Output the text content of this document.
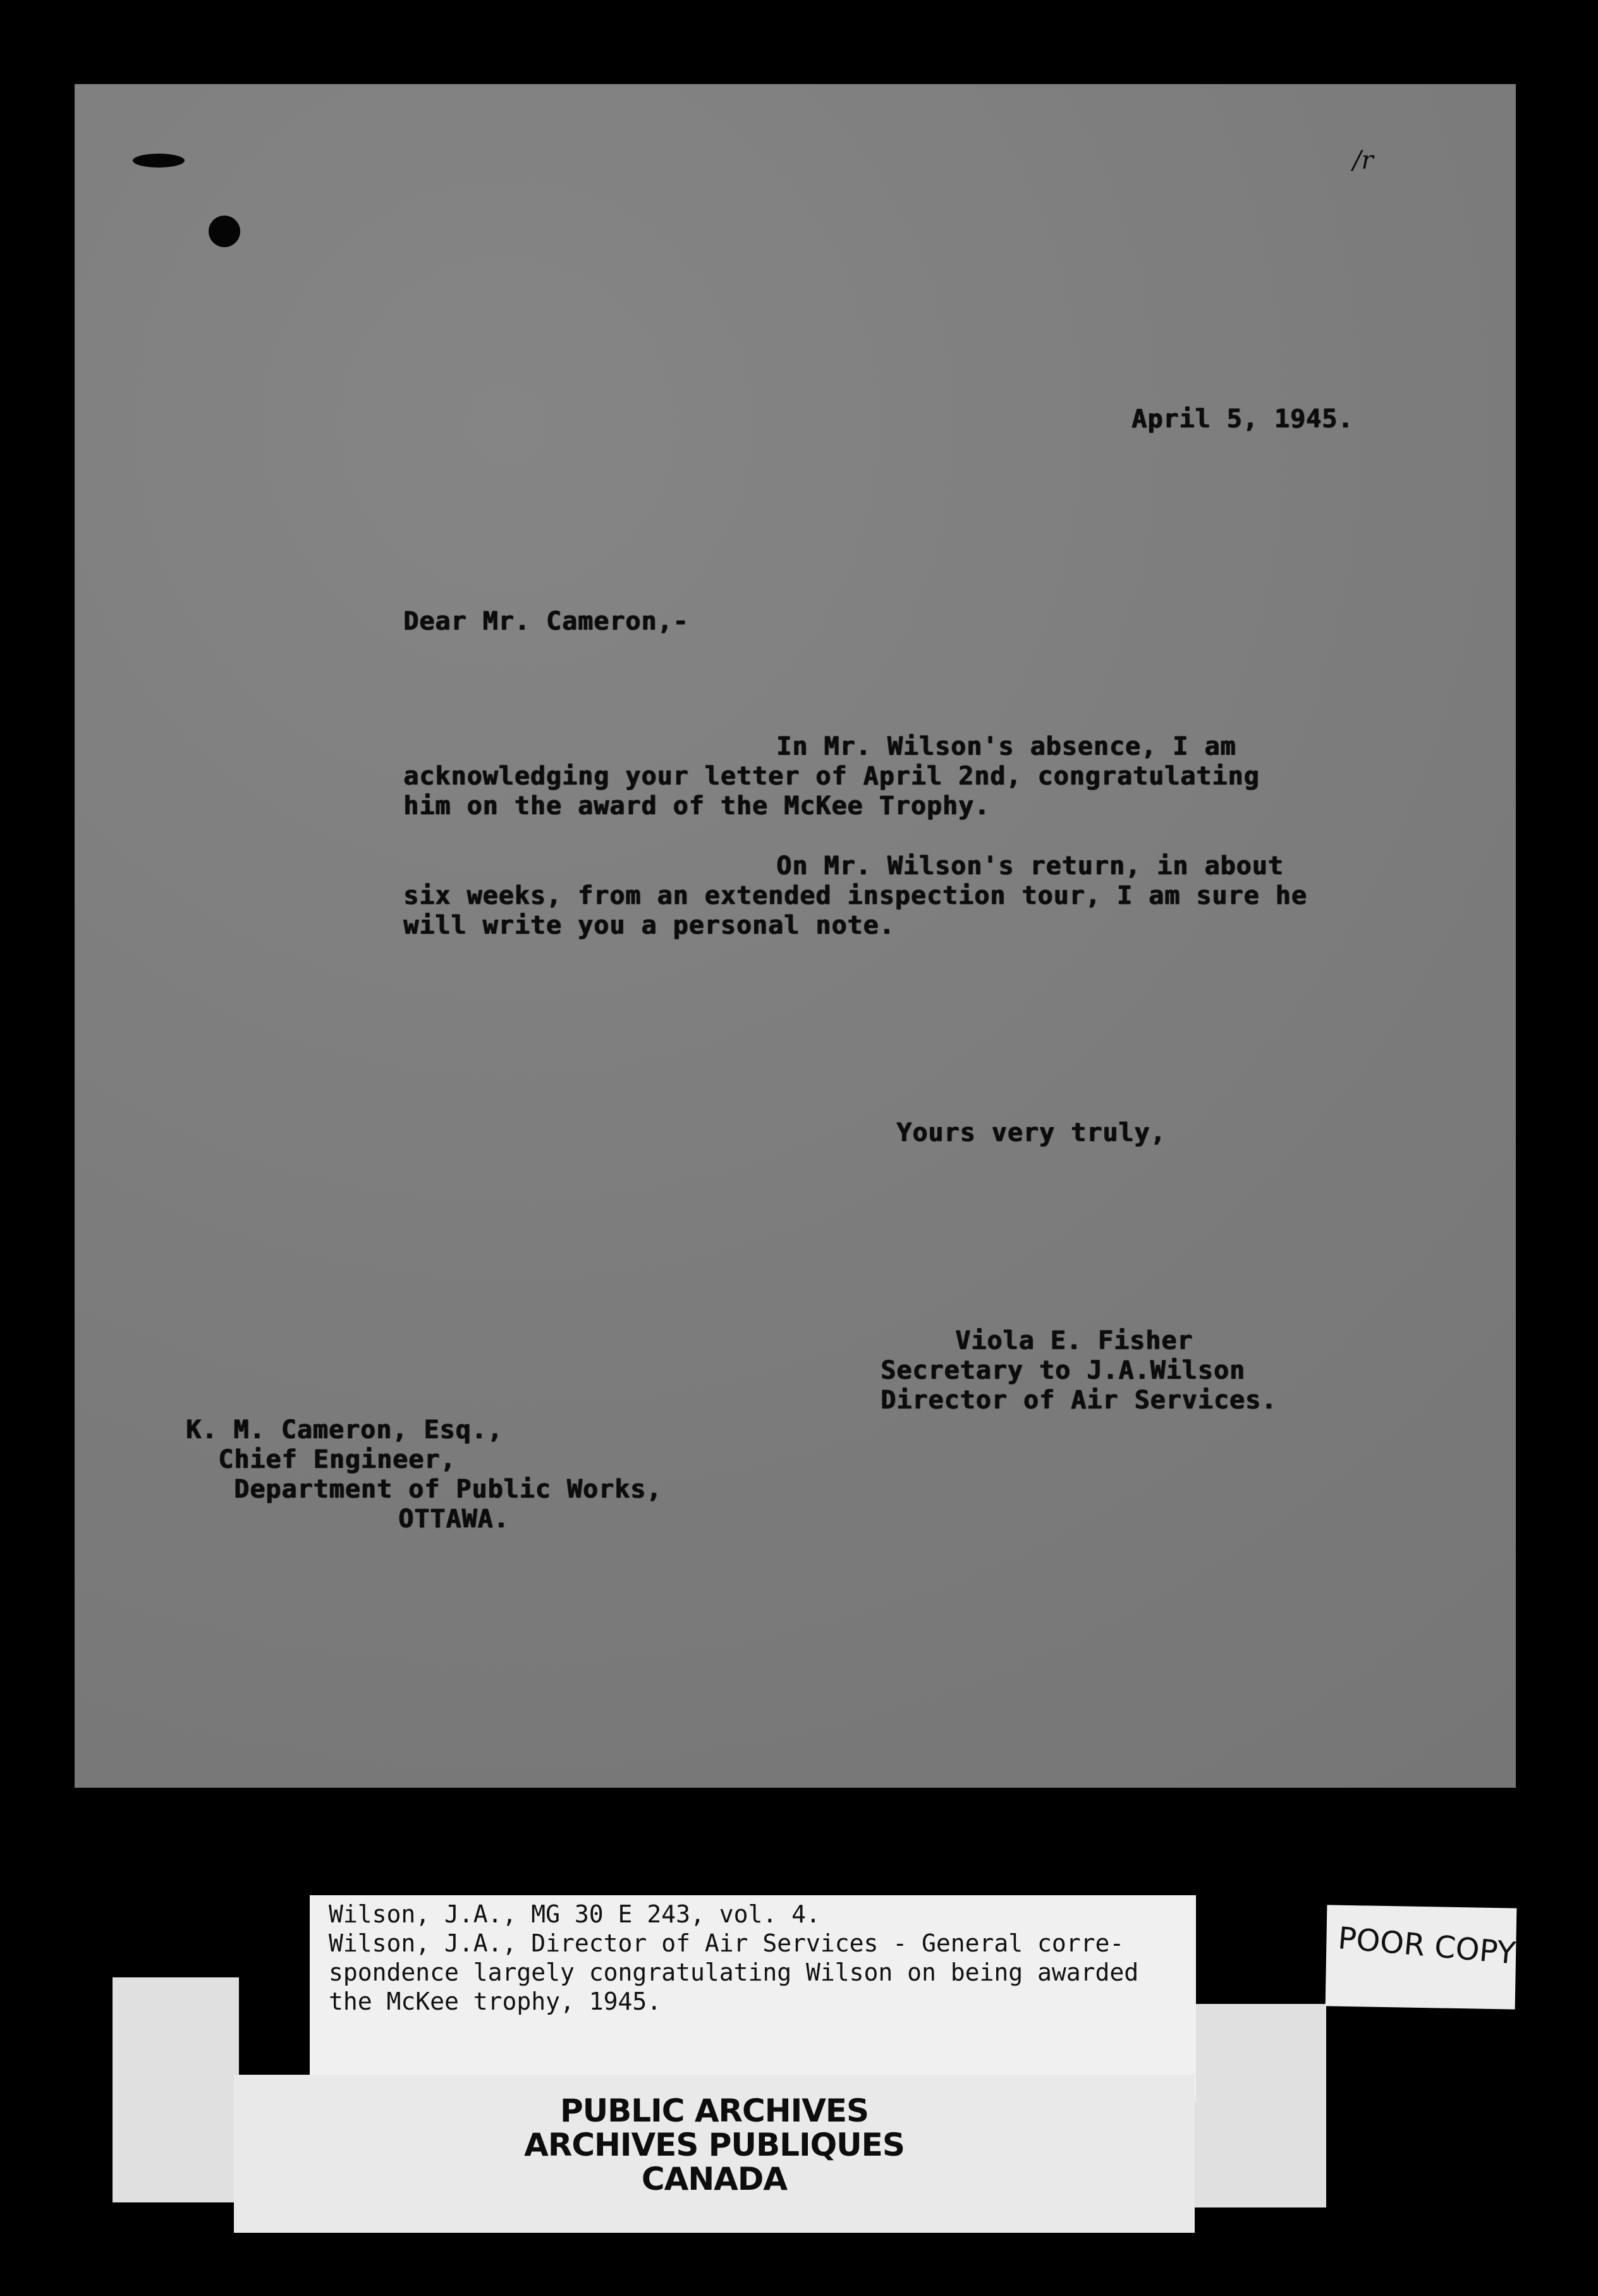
/r
April 5, 1945.
Dear Mr. Cameron,-
In Mr. Wilson's absence, I am
acknowledging your letter of April 2nd, congratulating
him on the award of the McKee Trophy.
On Mr. Wilson's return, in about
six weeks, from an extended inspection tour, I am sure he
will write you a personal note.
Yours very truly,
Viola E. Fisher
Secretary to J.A.Wilson
Director of Air Services.
K. M. Cameron, Esq.,
Chief Engineer,
Department of Public Works,
OTTAWA.
Wilson, J.A., MG 30 E 243, vol. 4.
Wilson, J.A., Director of Air Services - General corre-
spondence largely congratulating Wilson on being awarded
the McKee trophy, 1945.
PUBLIC ARCHIVES
ARCHIVES PUBLIQUES
CANADA
POOR COPY
